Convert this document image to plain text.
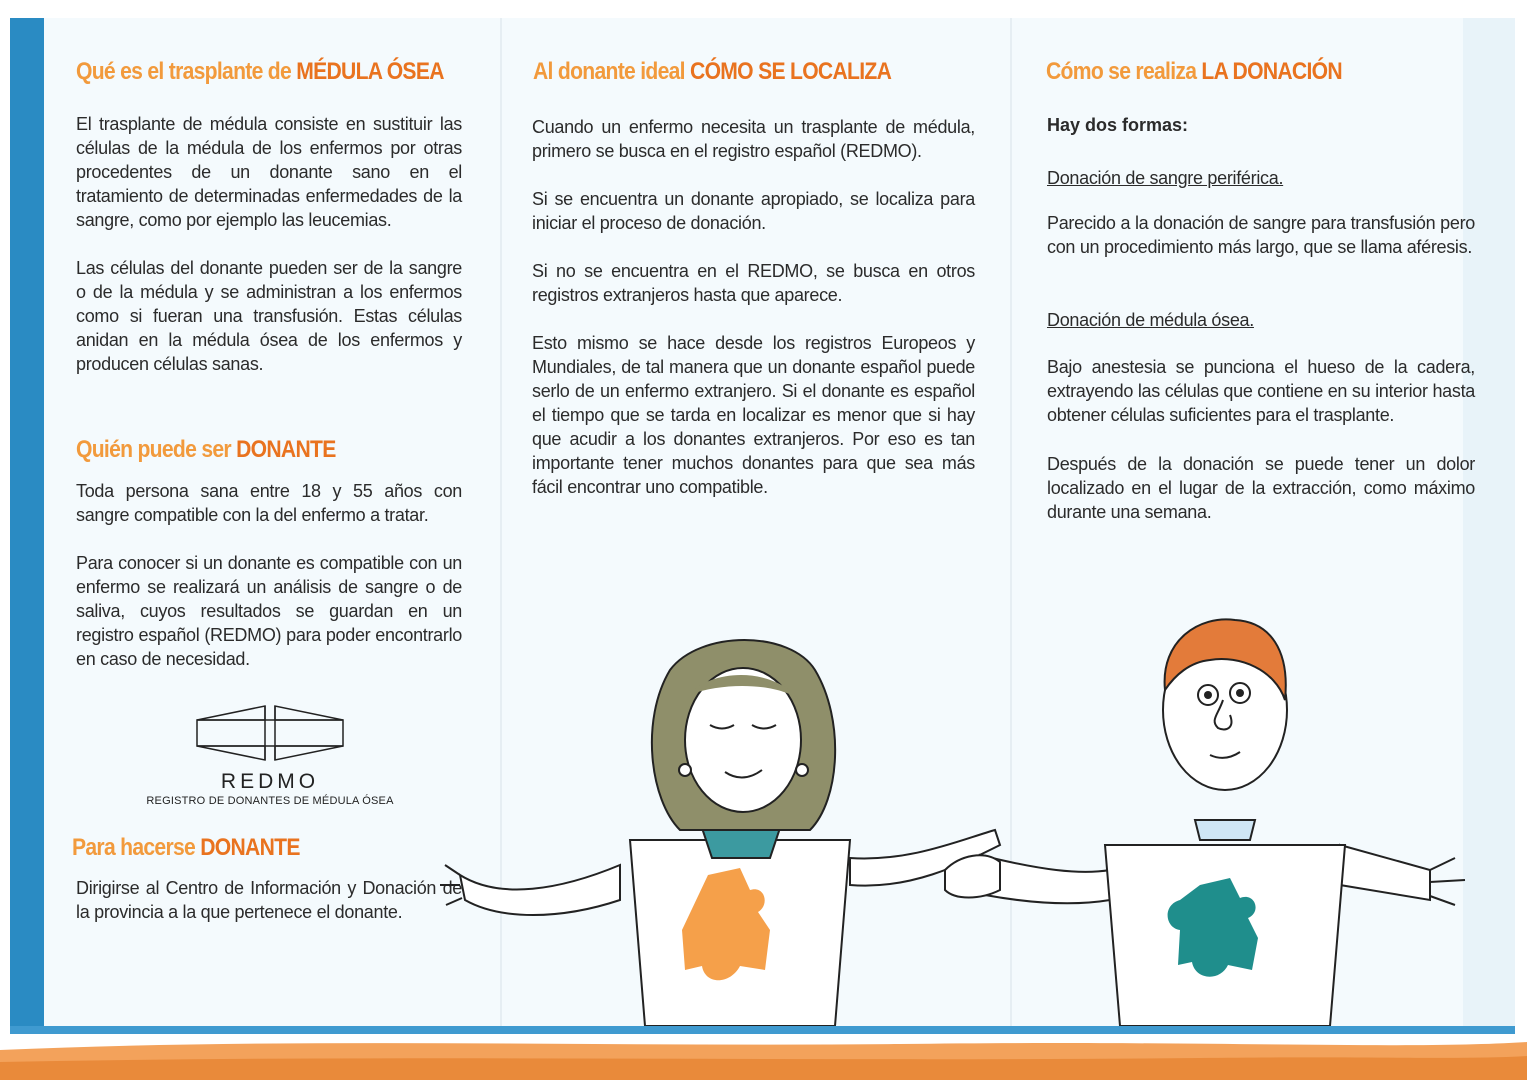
Qué es el trasplante de MÉDULA ÓSEA

El trasplante de médula consiste en sustituir las células de la médula de los enfermos por otras procedentes de un donante sano en el tratamiento de determinadas enfermedades de la sangre, como por ejemplo las leucemias.

Las células del donante pueden ser de la sangre o de la médula y se administran a los enfermos como si fueran una transfusión. Estas células anidan en la médula ósea de los enfermos y producen células sanas.

Quién puede ser DONANTE

Toda persona sana entre 18 y 55 años con sangre compatible con la del enfermo a tratar.

Para conocer si un donante es compatible con un enfermo se realizará un análisis de sangre o de saliva, cuyos resultados se guardan en un registro español (REDMO) para poder encontrarlo en caso de necesidad.

REDMO
REGISTRO DE DONANTES DE MÉDULA ÓSEA
Para hacerse DONANTE

Dirigirse al Centro de Información y Donación de la provincia a la que pertenece el donante.

Al donante ideal CÓMO SE LOCALIZA

Cuando un enfermo necesita un trasplante de médula, primero se busca en el registro español (REDMO).

Si se encuentra un donante apropiado, se localiza para iniciar el proceso de donación.

Si no se encuentra en el REDMO, se busca en otros registros extranjeros hasta que aparece.

Esto mismo se hace desde los registros Europeos y Mundiales, de tal manera que un donante español puede serlo de un enfermo extranjero. Si el donante es español el tiempo que se tarda en localizar es menor que si hay que acudir a los donantes extranjeros. Por eso es tan importante tener muchos donantes para que sea más fácil encontrar uno compatible.

Cómo se realiza LA DONACIÓN

Hay dos formas:

Donación de sangre periférica.

Parecido a la donación de sangre para transfusión pero con un procedimiento más largo, que se llama aféresis.

Donación de médula ósea.

Bajo anestesia se punciona el hueso de la cadera, extrayendo las células que contiene en su interior hasta obtener células suficientes para el trasplante.

Después de la donación se puede tener un dolor localizado en el lugar de la extracción, como máximo durante una semana.
